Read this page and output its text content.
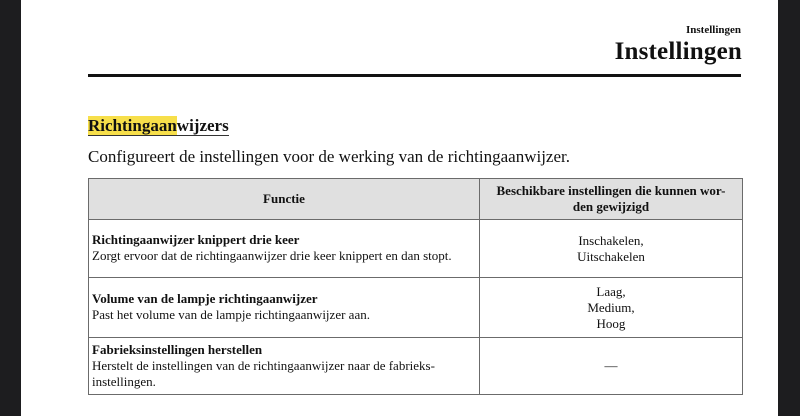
Instellingen
Instellingen
Richtingaanwijzers
Configureert de instellingen voor de werking van de richtingaanwijzer.
Functie	Beschikbare instellingen die kunnen wor-
den gewijzigd

Richtingaanwijzer knippert drie keer
Zorgt ervoor dat de richtingaanwijzer drie keer knippert en dan stopt.	Inschakelen,
Uitschakelen

Volume van de lampje richtingaanwijzer
Past het volume van de lampje richtingaanwijzer aan.	Laag,
Medium,
Hoog

Fabrieksinstellingen herstellen
Herstelt de instellingen van de richtingaanwijzer naar de fabrieks-instellingen.	—
